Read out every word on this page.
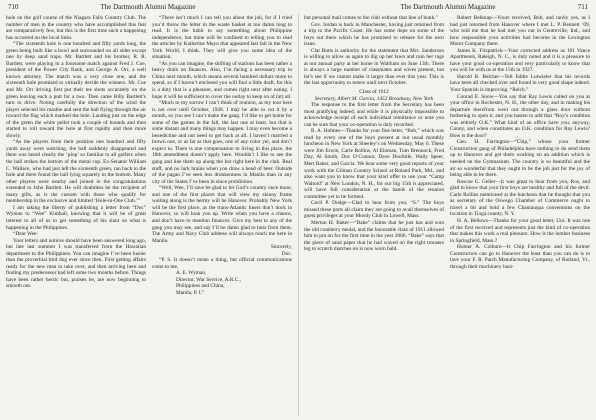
710	The Dartmouth Alumni Magazine	The Dartmouth Alumni Magazine	711

hole on the golf course of the Niagara Falls Country Club. The number of men in the country who have accomplished this feat are comparatively few, but this is the first time such a happening has occurred on the local links.

“The sixteenth hole is one hundred and fifty yards long, the green being built like a bowl and surrounded on all sides except one by deep sand traps. Mr. Bartlett and his brother, R. R. Bartlett, were playing in a foursome match against Fred J. Coe, president of the Power City Bank, and George A. Orr, a well known attorney. The match was a very close one, and the sixteenth hole promised to virtually decide the winners. Mr. Coe and Mr. Orr driving first put their tee shots accurately on the green leaving each a putt for a two. Then came Billy Bartlett’s turn to drive. Noting carefully the direction of the wind the player selected his mashie and sent the ball flying through the air toward the flag which marked the hole. Landing just on the edge of the green the white pellet took a couple of bounds and then started to roll toward the hole at first rapidly and then more slowly.

“As the players from their position one hundred and fifty yards away were watching, the ball suddenly disappeared and there was heard clearly the ‘plop’ so familiar to all golfers when the ball strikes the bottom of the metal cup. Ex-Senator William C. Wallace, who had just left the sixteenth green, ran back to the hole and there found the ball lying squarely in the bottom. Many other players were nearby and joined in the congratulations extended to John Bartlett. He will doubtless be the recipient of many gifts, as is the custom with those who qualify for membership in the exclusive and limited ‘Hole-in-One Club.’”

I am taking the liberty of publishing a letter from “Doc” Wyman to “Wee” Kimball, knowing that it will be of great interest to all of us to get something of his slant on what is happening in the Philippines.

“Dear Wee:

Your letters and notices should have been answered long ago, but late last summer I was transferred from the Hawaiian department to the Philippines. You can imagine I’ve been busier than the proverbial bird dog ever since then. First getting affairs ready for the new man to take over, and then arriving here and finding my predecessor had left some two months before. Things have been rather hectic but, praises be, are now beginning to smooth out.

“There isn’t much I can tell you about the job, for if I tried you’d throw the letter in the waste basket at too damn long to read. It is the habit to say something about Philippine independence, but mine will be confined to telling you to read the articles by Katherine Mayo that appeared last fall in the New York World, I think. They will give you some idea of the situation.

“As you can imagine, the shifting of stations has been rather a heavy drain on finances. Also, I’m facing a necessary trip to China next month, which means several hundred dollars more to spend, so if I haven’t enclosed you will find a little draft, for this is a duty that is a pleasure, and comes right next after eating. I hope it will be sufficient to cover the outlay to keep on of (at) all.

“Much to my sorrow I can’t think of reunion, as my tour here is not over until October, 1928. I may be able to cut it by a month, so you see I can’t make the gang. I’d like to get home for some of the games in the fall, the last one at least, but that is some distant and many things may happen. I may even become a benedictine and not need to get back at all. I haven’t married a brown one, or as far as that goes, one of any color yet, and don’t expect to. There is one compensation to living in this place, the 18th amendment doesn’t apply here. Wouldn’t I like to see the gang and line them up along the bar right here in the club. Real stuff, and no lurk brains when you draw a head of beer. Outside of the pagan I’ve seen less drunkenness in Manila than in any city of the States I’ve been in since prohibition.

“Well, Wee, I’ll save be glad to hit God’s country once more, and one of the first places that will view my skinny frame waiting along is the hermy will be Hanover. Probably New York will be the first place, as the trans-Atlantic liners don’t dock in Hanover, so will look you up. Write when you have a chance, and don’t have to mention finances. Give my best to any of the gang you may see, and say I’ll be damn glad to hear from them. The Army and Navy Club address will always reach me here in Manila.

Sincerely,

Doc.

“P. S. It doesn’t mean a thing, but official communications come to me,

A. E. Wyman,

Director, War Service, A.R.C.,

Philippines and China,

Manila, P. I.”

but personal mail comes to the club without that line of bunk.”

Gov. Jordan is back in Manchester, having just returned from a trip to the Pacific Coast. He has some dope on some of the boys out there which he has promised to release for the next issue.

Clat Butts is authority for the statement that Mrs. Sanderson is willing to allow us again to dig up her lawn and ruin her rugs at our annual party at her home in Waltham on June 13th. There is always a large number of classmates and wives present, but let’s see if we cannot make it larger than ever this year. This is the last opportunity to renew until next October.

Class of 1912

Secretary, Albert M. Garcia, 1452 Broadway, New York

The response to the first letter from the Secretary has been most gratifying indeed, and while it is physically impossible to acknowledge receipt of each individual remittance or note you can be sure that your co-operation is duly recorded.

R. A. Holmes—Thanks for your fine letter, “Bob,” which was read by every one of the boys present at our usual monthly luncheon in New York at Sheeley’s on Wednesday, May 6. These were Jim Erwin, Carle Rollins, Al Eloman, Tom Brennock, Fred Day, Al Smith, Doc O’Connor, Dave Doolittle, Wally Speer, Mert Baker, and Garcia. We hear some very good reports of your work with the Gilman Country School at Roland Park, Md., and also want you to know that your kind offer to use your “Camp Waltoid” at New London, N. H., for our big 15th is appreciated, will have full consideration at the hands of the reunion committee yet to be formed.

Cecil P. Dodge—Glad to hear from you, “S.” The boys missed these parts all claim they are going to avail themselves of guest privileges at your Moody Club in Lowell, Mass.

Merton H. Baker—“Bake” claims that he just has and won the old cranberry medal, and the honorable class of 1911 allowed him to put on for the first time in the year 2006. “Bake” says that the piece of sand paper that he had waved on the right trousers leg to scratch matches on is now worn bald.

Robert Belknap—Yours received, Bob, and rarely yes, as I had just returned from Hanover where I met L. P. Bennett ’09, who told me that he had met you out in Centreville, Ind., and how responsible your activities had become in the Lexington Motor Company there.

James K. Fitzpatrick—Your corrected address as 101 Vance Apartments, Raleigh, N. C., is duly noted and it is a pleasure to have your good co-operation and very particularly to know that you will be with us at the 15th in 1927.

Harold B. Belcher—Tell Eddie Lutwieler that his records have been all checked over and found in very good shape indeed. Your Spanish is improving. “Relch.”

Conrad E. Snow—You say that Ray Lewis called on you at your office in Rochester, N. H., the other day, and in making his departure therefrom went out through a glass door without bothering to open it, and you hasten to add that “Roy’s condition was entirely O.K.” What kind of an office have you, anyway, Conny, and when constitutes an O.K. condition for Ray Lewis? How is the door?

Geo. H. Farrington—“Chip,” whose your former Construction gang of Philadelphia have nothing to do send them up to Hanover and get them working on an addition which is needed on the Gymnasium. The country is so beautiful and the air so wonderful that they ought to be the job just for the joy of being able to be there.

Roscoe G. Geller—It was great to hear from you, Ros, and glad to know that your first boys are healthy and full of the devil. Carle Rollins mentioned at the luncheon that he thought that you as secretary of the Oswego Chamber of Commerce ought to travel a bit and hold a few Chautauqua conventions on the location in Tioga county, N. Y.

H. A. Bellows—Thanks for your good letter, Uni. It was one of the first received and represents just the kind of co-operation that makes this work a real pleasure. How is the lumber business in Springfield, Mass.?

Homer A. Colburn—It Chip Farrington and his former Constructors can go to Hanover the least than you can do is to lave your F. R. Patch Manufacturing Company, of Rutland, Vt., through their machinery busi-
